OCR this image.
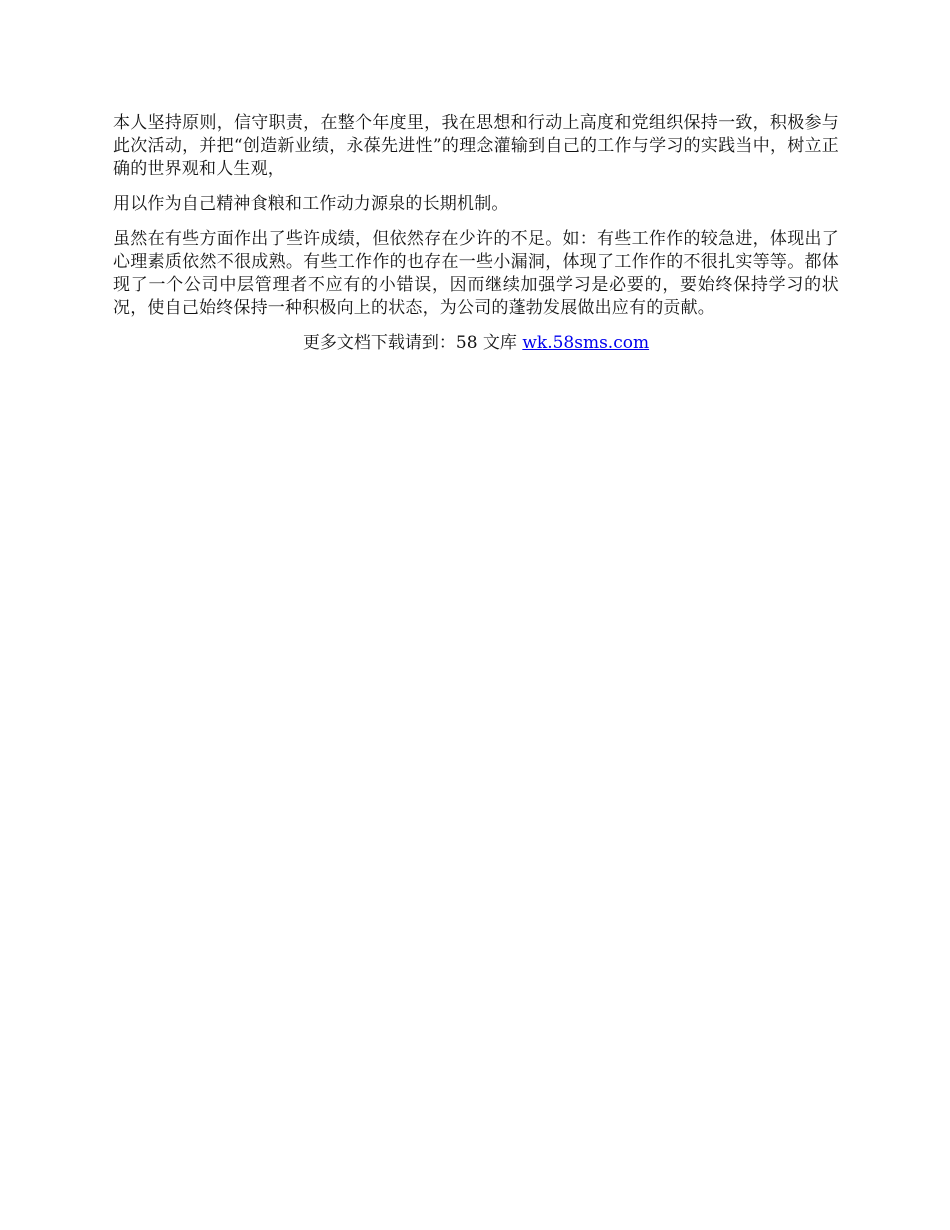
本人坚持原则，信守职责，在整个年度里，我在思想和行动上高度和党组织保持一致，积极参与此次活动，并把“创造新业绩，永葆先进性”的理念灌输到自己的工作与学习的实践当中，树立正确的世界观和人生观，

用以作为自己精神食粮和工作动力源泉的长期机制。

虽然在有些方面作出了些许成绩，但依然存在少许的不足。如：有些工作作的较急进，体现出了心理素质依然不很成熟。有些工作作的也存在一些小漏洞，体现了工作作的不很扎实等等。都体现了一个公司中层管理者不应有的小错误，因而继续加强学习是必要的，要始终保持学习的状况，使自己始终保持一种积极向上的状态，为公司的蓬勃发展做出应有的贡献。

更多文档下载请到：58 文库 wk.58sms.com
